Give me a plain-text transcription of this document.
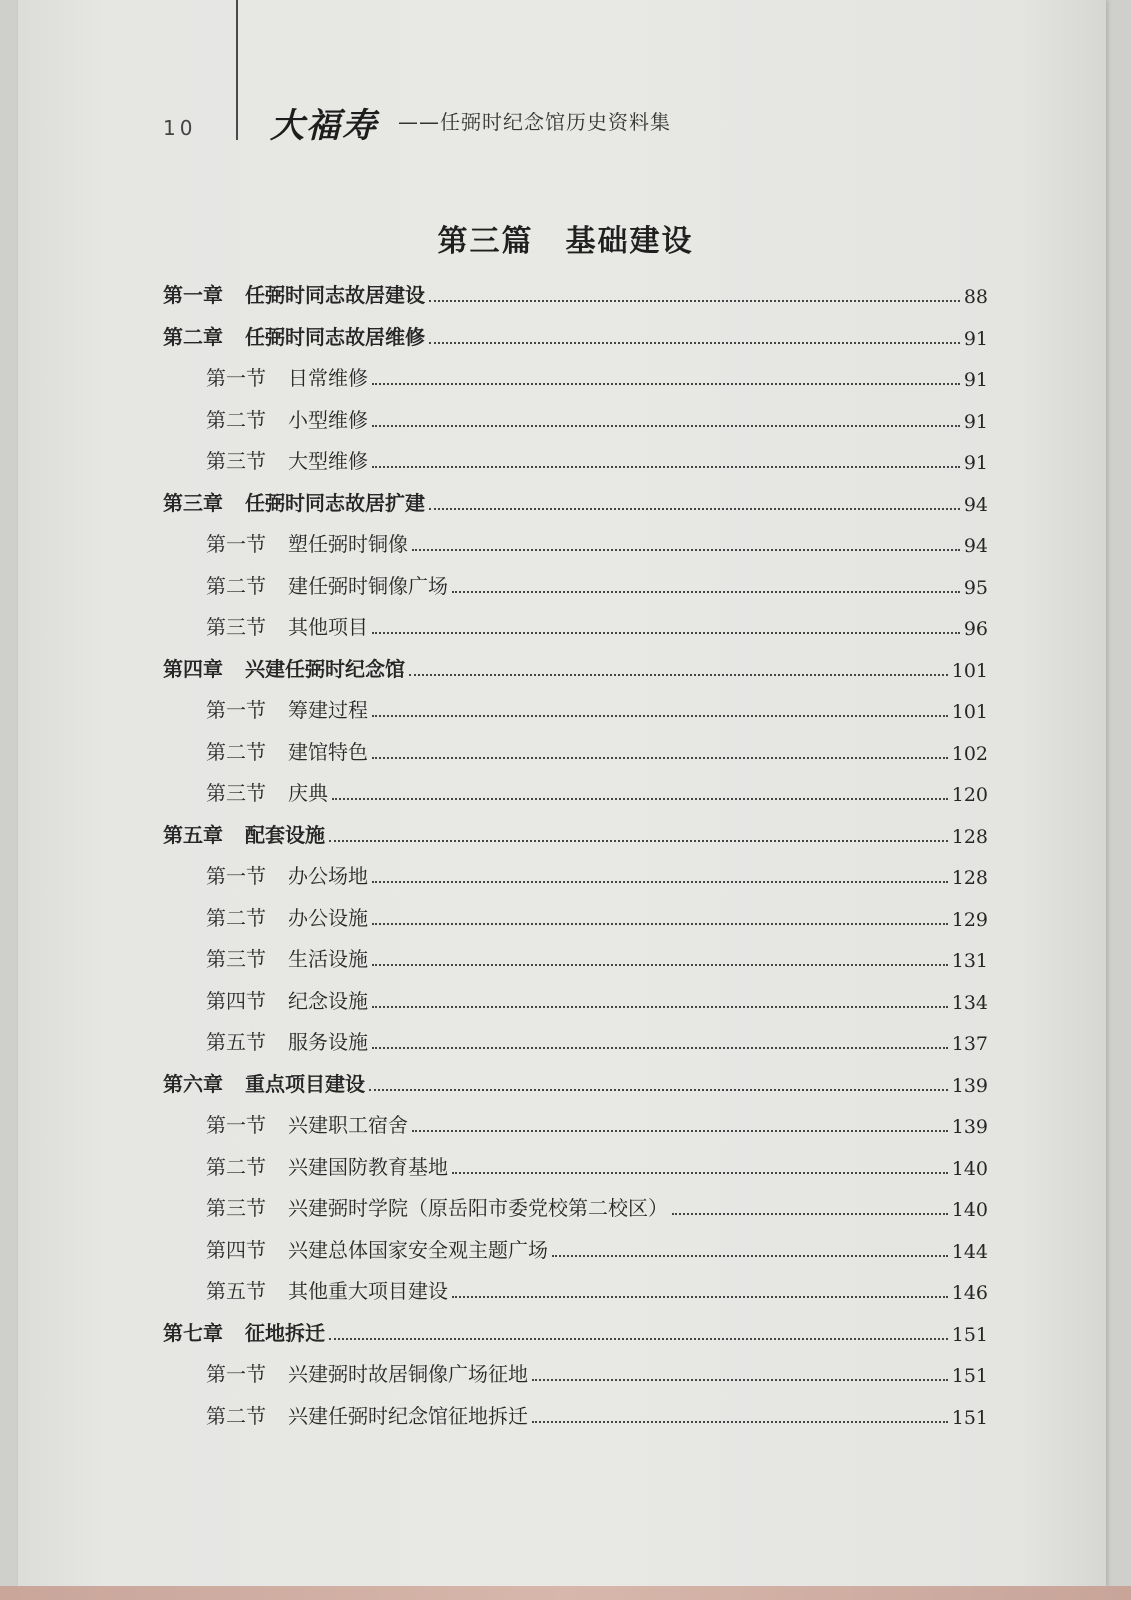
10 大福寿 ——任弼时纪念馆历史资料集
第三篇　基础建设
第一章 任弼时同志故居建设	88
第二章 任弼时同志故居维修	91
第一节 日常维修	91
第二节 小型维修	91
第三节 大型维修	91
第三章 任弼时同志故居扩建	94
第一节 塑任弼时铜像	94
第二节 建任弼时铜像广场	95
第三节 其他项目	96
第四章 兴建任弼时纪念馆	101
第一节 筹建过程	101
第二节 建馆特色	102
第三节 庆典	120
第五章 配套设施	128
第一节 办公场地	128
第二节 办公设施	129
第三节 生活设施	131
第四节 纪念设施	134
第五节 服务设施	137
第六章 重点项目建设	139
第一节 兴建职工宿舍	139
第二节 兴建国防教育基地	140
第三节 兴建弼时学院（原岳阳市委党校第二校区）	140
第四节 兴建总体国家安全观主题广场	144
第五节 其他重大项目建设	146
第七章 征地拆迁	151
第一节 兴建弼时故居铜像广场征地	151
第二节 兴建任弼时纪念馆征地拆迁	151
